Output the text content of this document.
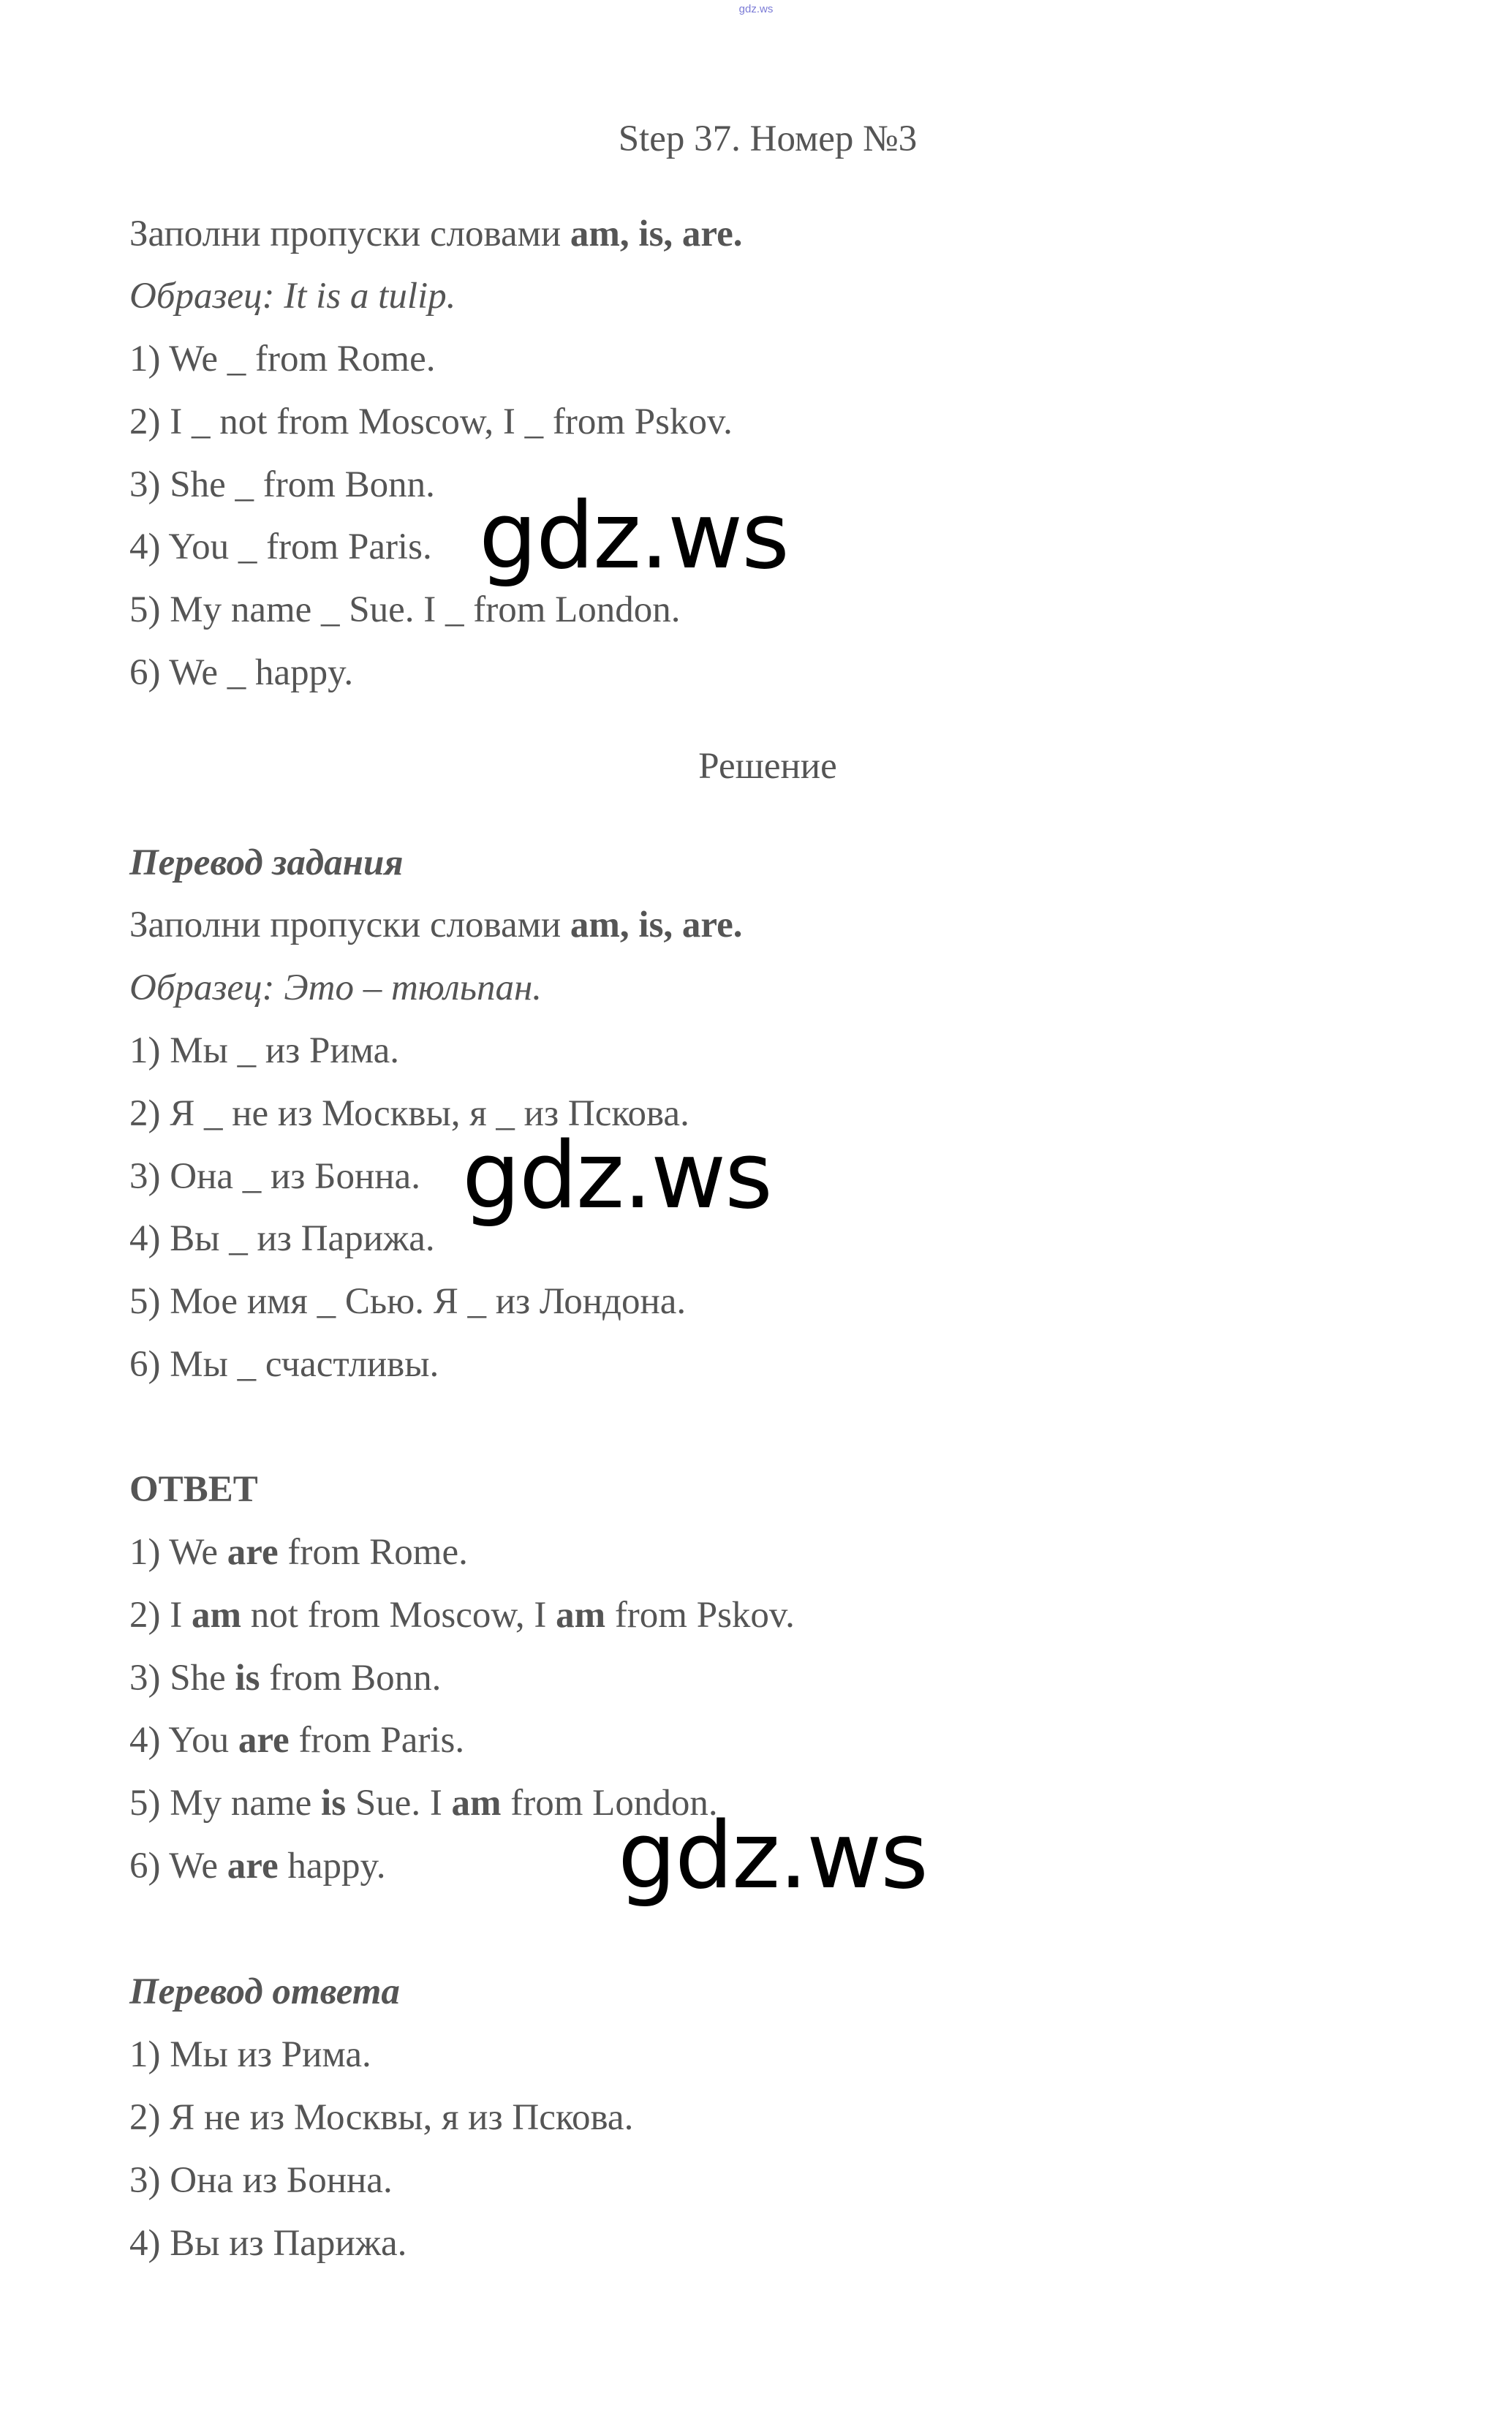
gdz.ws
Step 37. Номер №3
Заполни пропуски словами am, is, are.
Образец: It is a tulip.
1) We _ from Rome.
2) I _ not from Moscow, I _ from Pskov.
3) She _ from Bonn.
4) You _ from Paris.
5) My name _ Sue. I _ from London.
6) We _ happy.
Решение
Перевод задания
Заполни пропуски словами am, is, are.
Образец: Это – тюльпан.
1) Мы _ из Рима.
2) Я _ не из Москвы, я _ из Пскова.
3) Она _ из Бонна.
4) Вы _ из Парижа.
5) Мое имя _ Сью. Я _ из Лондона.
6) Мы _ счастливы.
ОТВЕТ
1) We are from Rome.
2) I am not from Moscow, I am from Pskov.
3) She is from Bonn.
4) You are from Paris.
5) My name is Sue. I am from London.
6) We are happy.
Перевод ответа
1) Мы из Рима.
2) Я не из Москвы, я из Пскова.
3) Она из Бонна.
4) Вы из Парижа.
gdz.ws
gdz.ws
gdz.ws
